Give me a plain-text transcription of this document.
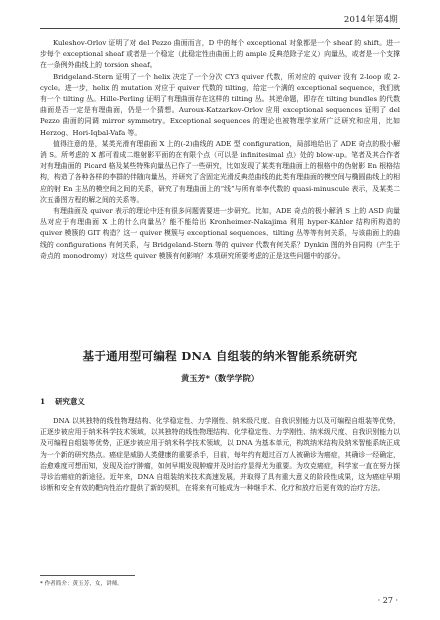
2014年第4期

Kuleshov-Orlov 证明了对 del Pezzo 曲面而言，D 中的每个 exceptional 对象都是一个 sheaf 的 shift。进一步每个 exceptional sheaf 或者是一个稳定（此稳定性由曲面上的 ample 反典范除子定义）向量丛，或者是一个支撑在一条例外曲线上的 torsion sheaf。

Bridgeland-Stern 证明了一个 helix 决定了一个分次 CY3 quiver 代数，所对应的 quiver 没有 2-loop 或 2-cycle。进一步，helix 的 mutation 对应于 quiver 代数的 tilting，给定一个满的 exceptional sequence，我们就有一个 tilting 丛。Hille-Perling 证明了有理曲面存在这样的 tilting 丛。其逆命题，即存在 tilting bundles 的代数曲面是否一定是有理曲面，仍是一个猜想。Auroux-Katzarkov-Orlov 应用 exceptional sequences 证明了 del Pezzo 曲面的同调 mirror symmetry。Exceptional sequences 的理论也被物理学家所广泛研究和应用，比如 Herzog、Hori-Iqbal-Vafa 等。

值得注意的是，某类光滑有理曲面 X 上的(-2)曲线的 ADE 型 configuration，局部地给出了 ADE 奇点的极小解消 S。所考虑的 X 都可看成二维射影平面的在有限个点（可以是 infinitesimal 点）处的 blow-up。笔者及其合作者对有理曲面的 Picard 格及某些特殊向量丛已作了一些研究，比如发现了某类有理曲面上的根格中的伪射影 En 根格结构，构造了各种各样的李群的伴随向量丛，并研究了含固定光滑反典范曲线的此类有理曲面的模空间与椭圆曲线上的相应的射 En 主丛的模空间之间的关系，研究了有理曲面上的“线”与所有单李代数的 quasi-minuscule 表示，及某类二次五番图方程的解之间的关系等。

有理曲面及 quiver 表示的理论中还有很多问题需要进一步研究。比如，ADE 奇点的极小解消 S 上的 ASD 向量丛对应于有理曲面 X 上的什么向量丛？能不能给出 Kronheimer-Nakajima 利用 hyper-Kähler 结构所构造的 quiver 模簇的 GIT 构造？这一 quiver 模簇与 exceptional sequences、tilting 丛等等有何关系，与该曲面上的曲线的 configurations 有何关系，与 Bridgeland-Stern 等的 quiver 代数有何关系？Dynkin 图的外自同构（产生于奇点的 monodromy）对这些 quiver 模簇有何影响？本项研究所要考虑的正是这些问题中的部分。

基于通用型可编程 DNA 自组装的纳米智能系统研究
黄玉芳*（数学学院）
1 研究意义

DNA 以其独特的线性物理结构、化学稳定性、力学刚性、纳米级尺度、自我识别能力以及可编程自组装等优势，正逐步被应用于纳米科学技术领域，以其独特的线性物理结构、化学稳定性、力学刚性、纳米级尺度、自我识别能力以及可编程自组装等优势，正逐步被应用于纳米科学技术领域，以 DNA 为基本单元，构筑纳米结构及纳米智能系统正成为一个新的研究热点。癌症是威胁人类健康的重要杀手，目前，每年约有超过百万人被确诊为癌症，其确诊一经确定，治愈难度可想而知，发现及治疗肿瘤，如何早期发现肿瘤并及时治疗显得尤为重要。为攻克癌症，科学家一直在努力探寻诊治癌症的新途径。近年来，DNA 自组装纳米技术高速发展，并取得了具有重大意义的阶段性成果，这为癌症早期诊断和安全有效的靶向性治疗提供了新的契机，在将来有可能成为一种继手术、化疗和放疗后更有效的治疗方法。

* 作者简介：黄玉芳，女，讲师。
· 27 ·
